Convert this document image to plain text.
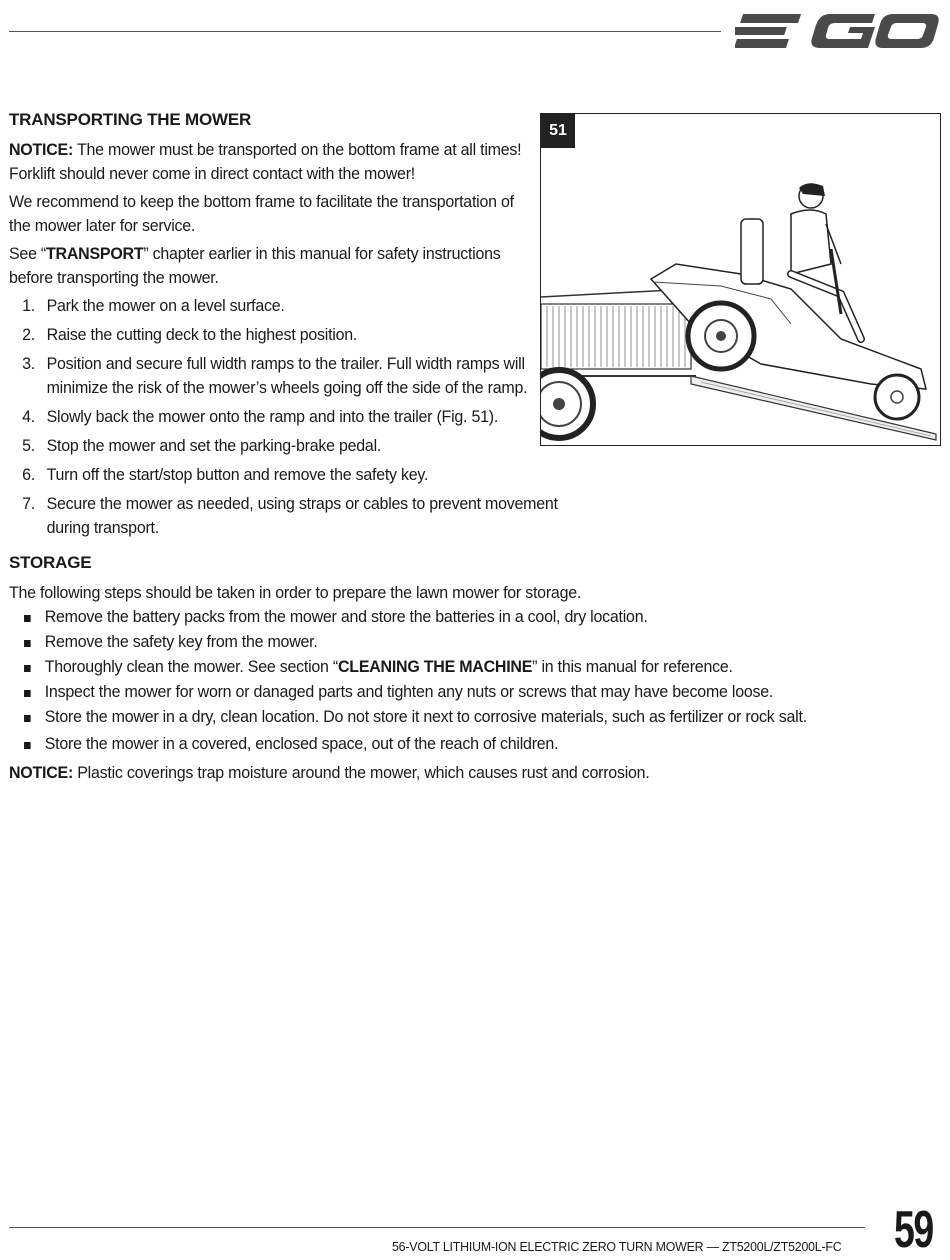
EGO

TRANSPORTING THE MOWER

NOTICE: The mower must be transported on the bottom frame at all times! Forklift should never come in direct contact with the mower!

We recommend to keep the bottom frame to facilitate the transportation of the mower later for service.

See “TRANSPORT” chapter earlier in this manual for safety instructions before transporting the mower.

1. Park the mower on a level surface.
2. Raise the cutting deck to the highest position.
3. Position and secure full width ramps to the trailer. Full width ramps will minimize the risk of the mower’s wheels going off the side of the ramp.
4. Slowly back the mower onto the ramp and into the trailer (Fig. 51).
5. Stop the mower and set the parking-brake pedal.
6. Turn off the start/stop button and remove the safety key.
7. Secure the mower as needed, using straps or cables to prevent movement during transport.

STORAGE

The following steps should be taken in order to prepare the lawn mower for storage.

Remove the battery packs from the mower and store the batteries in a cool, dry location.
Remove the safety key from the mower.
Thoroughly clean the mower. See section “CLEANING THE MACHINE” in this manual for reference.
Inspect the mower for worn or danaged parts and tighten any nuts or screws that may have become loose.
Store the mower in a dry, clean location. Do not store it next to corrosive materials, such as fertilizer or rock salt.
Store the mower in a covered, enclosed space, out of the reach of children.

NOTICE: Plastic coverings trap moisture around the mower, which causes rust and corrosion.

51
56-VOLT LITHIUM-ION ELECTRIC ZERO TURN MOWER — ZT5200L/ZT5200L-FC 59
